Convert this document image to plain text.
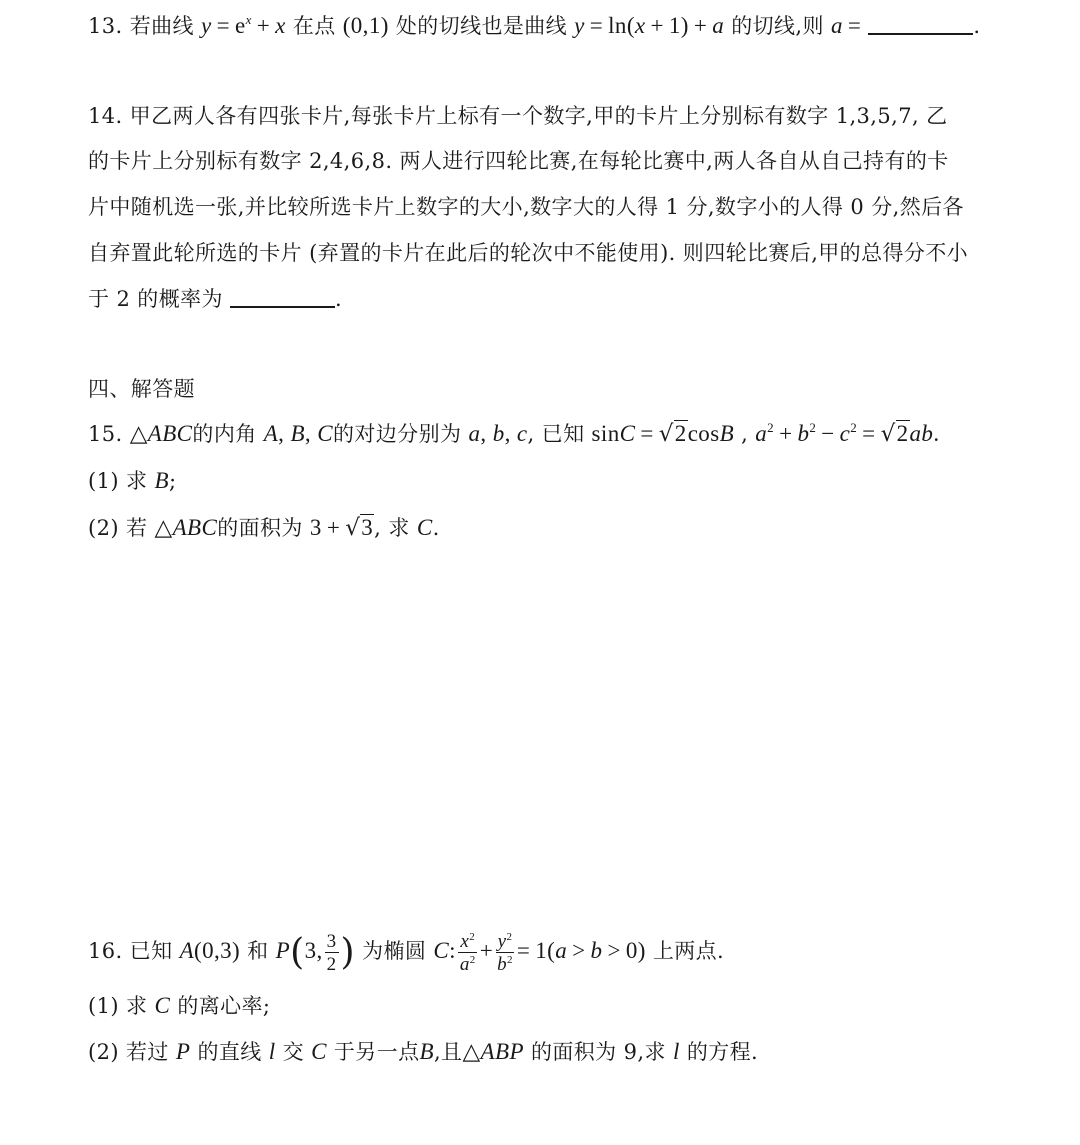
13. 若曲线 $y = e^x + x$ 在点 (0,1) 处的切线也是曲线 y = ln(x + 1) + a 的切线,则 a =	.
14. 甲乙两人各有四张卡片,每张卡片上标有一个数字,甲的卡片上分别标有数字 1,3,5,7, 乙
的卡片上分别标有数字 2,4,6,8. 两人进行四轮比赛,在每轮比赛中,两人各自从自己持有的卡
片中随机选一张,并比较所选卡片上数字的大小,数字大的人得 1 分,数字小的人得 0 分,然后各
自弃置此轮所选的卡片 (弃置的卡片在此后的轮次中不能使用). 则四轮比赛后,甲的总得分不小
于 2 的概率为	.
四、解答题
15. △ABC的内角 A, B, C的对边分别为 a, b, c, 已知 sinC = √2cosB , $a^2 + b^2 - c^2 = √2ab$.
(1) 求 B;
(2) 若 △ABC的面积为 3 + √3, 求 C.
16. 已知 A(0,3) 和 P(3, $\frac{3}{2}$ ) 为椭圆 C: $\frac{x^2}{a^2} + \frac{y^2}{b^2} = 1(a > b > 0)$ 上两点.
(1) 求 C 的离心率;
(2) 若过 P 的直线 l 交 C 于另一点B,且△ABP 的面积为 9,求 l 的方程.
